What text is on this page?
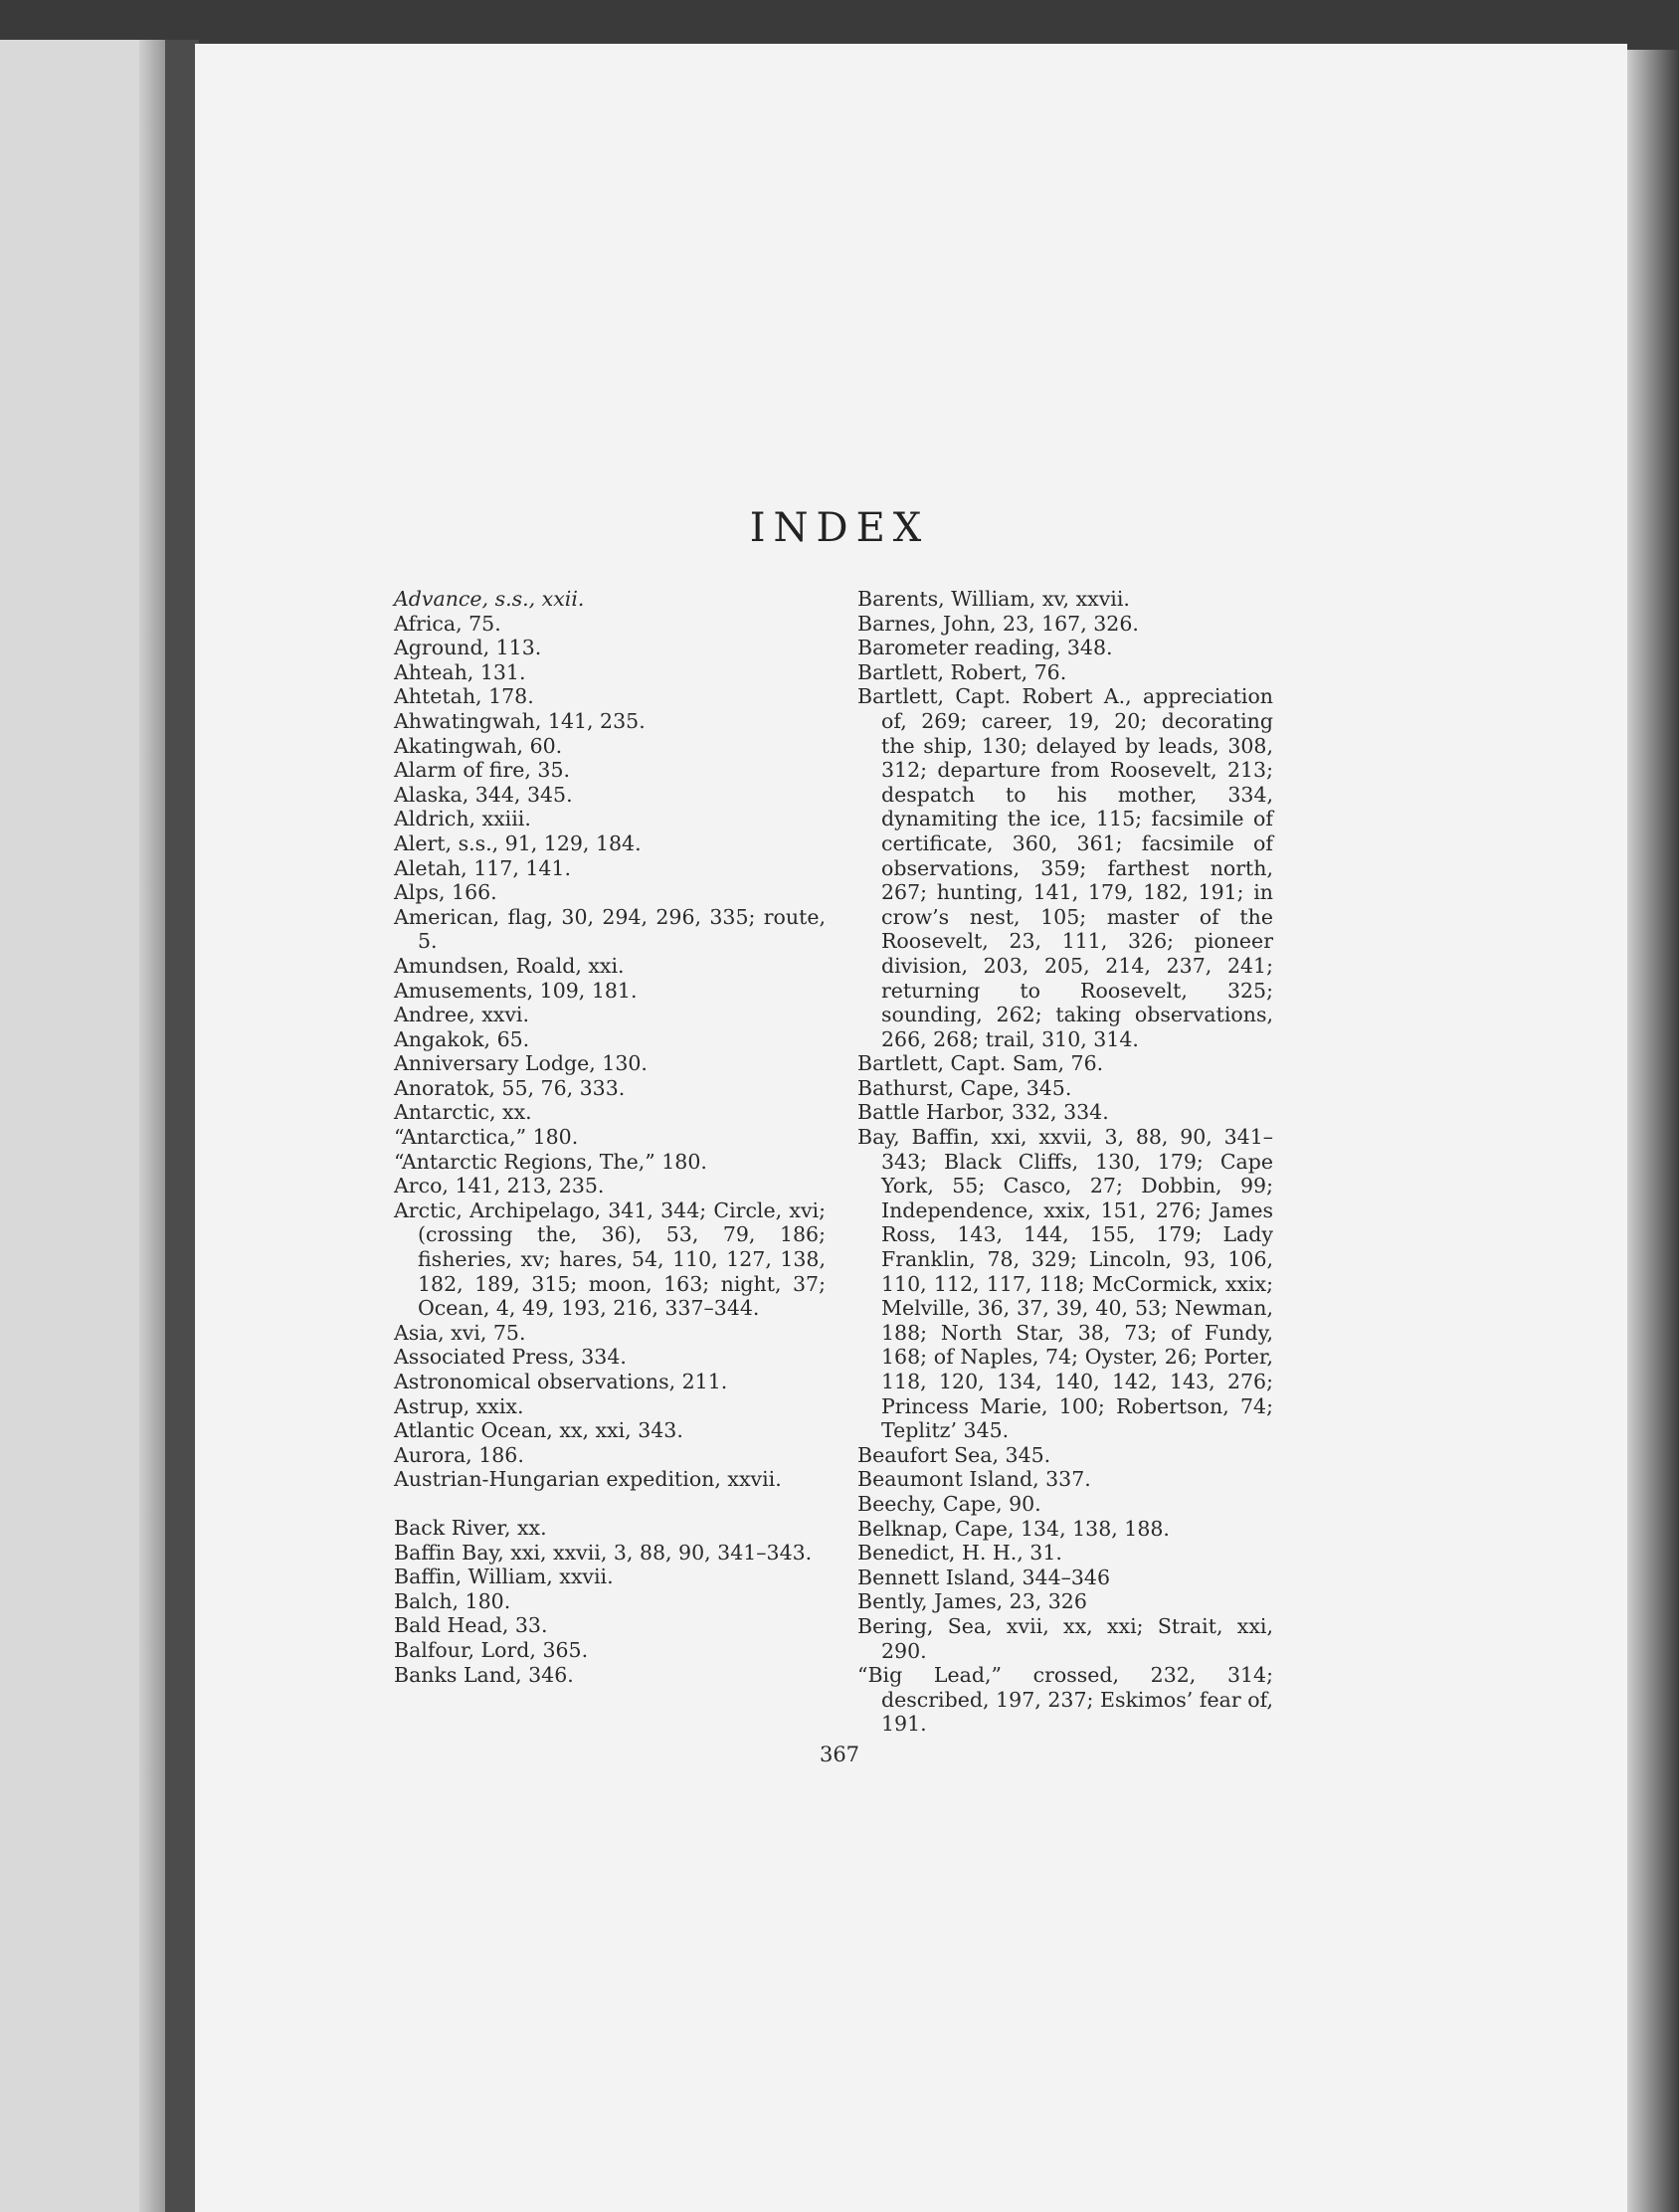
INDEX
Advance, s.s., xxii.
Africa, 75.
Aground, 113.
Ahteah, 131.
Ahtetah, 178.
Ahwatingwah, 141, 235.
Akatingwah, 60.
Alarm of fire, 35.
Alaska, 344, 345.
Aldrich, xxiii.
Alert, s.s., 91, 129, 184.
Aletah, 117, 141.
Alps, 166.
American, flag, 30, 294, 296, 335; route, 5.
Amundsen, Roald, xxi.
Amusements, 109, 181.
Andree, xxvi.
Angakok, 65.
Anniversary Lodge, 130.
Anoratok, 55, 76, 333.
Antarctic, xx.
“Antarctica,” 180.
“Antarctic Regions, The,” 180.
Arco, 141, 213, 235.
Arctic, Archipelago, 341, 344; Circle, xvi; (crossing the, 36), 53, 79, 186; fisheries, xv; hares, 54, 110, 127, 138, 182, 189, 315; moon, 163; night, 37; Ocean, 4, 49, 193, 216, 337–344.
Asia, xvi, 75.
Associated Press, 334.
Astronomical observations, 211.
Astrup, xxix.
Atlantic Ocean, xx, xxi, 343.
Aurora, 186.
Austrian-Hungarian expedition, xxvii.
Back River, xx.
Baffin Bay, xxi, xxvii, 3, 88, 90, 341–343.
Baffin, William, xxvii.
Balch, 180.
Bald Head, 33.
Balfour, Lord, 365.
Banks Land, 346.
Barents, William, xv, xxvii.
Barnes, John, 23, 167, 326.
Barometer reading, 348.
Bartlett, Robert, 76.
Bartlett, Capt. Robert A., appreciation of, 269; career, 19, 20; decorating the ship, 130; delayed by leads, 308, 312; departure from Roosevelt, 213; despatch to his mother, 334, dynamiting the ice, 115; facsimile of certificate, 360, 361; facsimile of observations, 359; farthest north, 267; hunting, 141, 179, 182, 191; in crow’s nest, 105; master of the Roosevelt, 23, 111, 326; pioneer division, 203, 205, 214, 237, 241; returning to Roosevelt, 325; sounding, 262; taking observations, 266, 268; trail, 310, 314.
Bartlett, Capt. Sam, 76.
Bathurst, Cape, 345.
Battle Harbor, 332, 334.
Bay, Baffin, xxi, xxvii, 3, 88, 90, 341–343; Black Cliffs, 130, 179; Cape York, 55; Casco, 27; Dobbin, 99; Independence, xxix, 151, 276; James Ross, 143, 144, 155, 179; Lady Franklin, 78, 329; Lincoln, 93, 106, 110, 112, 117, 118; McCormick, xxix; Melville, 36, 37, 39, 40, 53; Newman, 188; North Star, 38, 73; of Fundy, 168; of Naples, 74; Oyster, 26; Porter, 118, 120, 134, 140, 142, 143, 276; Princess Marie, 100; Robertson, 74; Teplitz’ 345.
Beaufort Sea, 345.
Beaumont Island, 337.
Beechy, Cape, 90.
Belknap, Cape, 134, 138, 188.
Benedict, H. H., 31.
Bennett Island, 344–346
Bently, James, 23, 326
Bering, Sea, xvii, xx, xxi; Strait, xxi, 290.
“Big Lead,” crossed, 232, 314; described, 197, 237; Eskimos’ fear of, 191.
367
